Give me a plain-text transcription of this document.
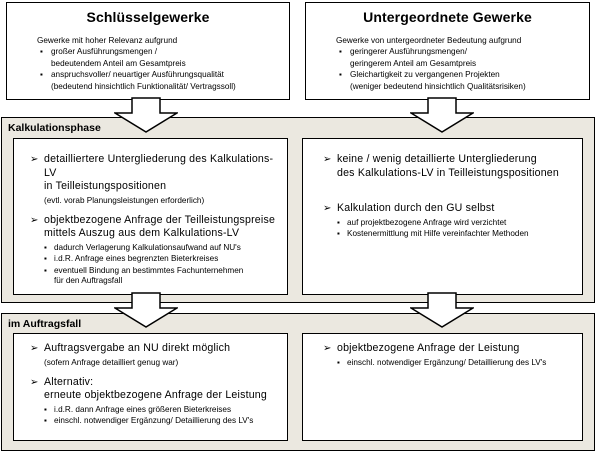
Schlüsselgewerke
Gewerke mit hoher Relevanz aufgrund
▪ großer Ausführungsmengen /
bedeutendem Anteil am Gesamtpreis
▪ anspruchsvoller/ neuartiger Ausführungsqualität
(bedeutend hinsichtlich Funktionalität/ Vertragssoll)
Untergeordnete Gewerke
Gewerke von untergeordneter Bedeutung aufgrund
▪ geringerer Ausführungsmengen/
geringerem Anteil am Gesamtpreis
▪ Gleichartigkeit zu vergangenen Projekten
(weniger bedeutend hinsichtlich Qualitätsrisiken)
Kalkulationsphase
➢ detailliertere Untergliederung des Kalkulations-LV
in Teilleistungspositionen
(evtl. vorab Planungsleistungen erforderlich)
➢ objektbezogene Anfrage der Teilleistungspreise
mittels Auszug aus dem Kalkulations-LV
▪ dadurch Verlagerung Kalkulationsaufwand auf NU's
▪ i.d.R. Anfrage eines begrenzten Bieterkreises
▪ eventuell Bindung an bestimmtes Fachunternehmen
für den Auftragsfall
➢ keine / wenig detaillierte Untergliederung
des Kalkulations-LV in Teilleistungspositionen
➢ Kalkulation durch den GU selbst
▪ auf projektbezogene Anfrage wird verzichtet
▪ Kostenermittlung mit Hilfe vereinfachter Methoden
im Auftragsfall
➢ Auftragsvergabe an NU direkt möglich
(sofern Anfrage detailliert genug war)
➢ Alternativ:
erneute objektbezogene Anfrage der Leistung
▪ i.d.R. dann Anfrage eines größeren Bieterkreises
▪ einschl. notwendiger Ergänzung/ Detaillierung des LV's
➢ objektbezogene Anfrage der Leistung
▪ einschl. notwendiger Ergänzung/ Detaillierung des LV's
